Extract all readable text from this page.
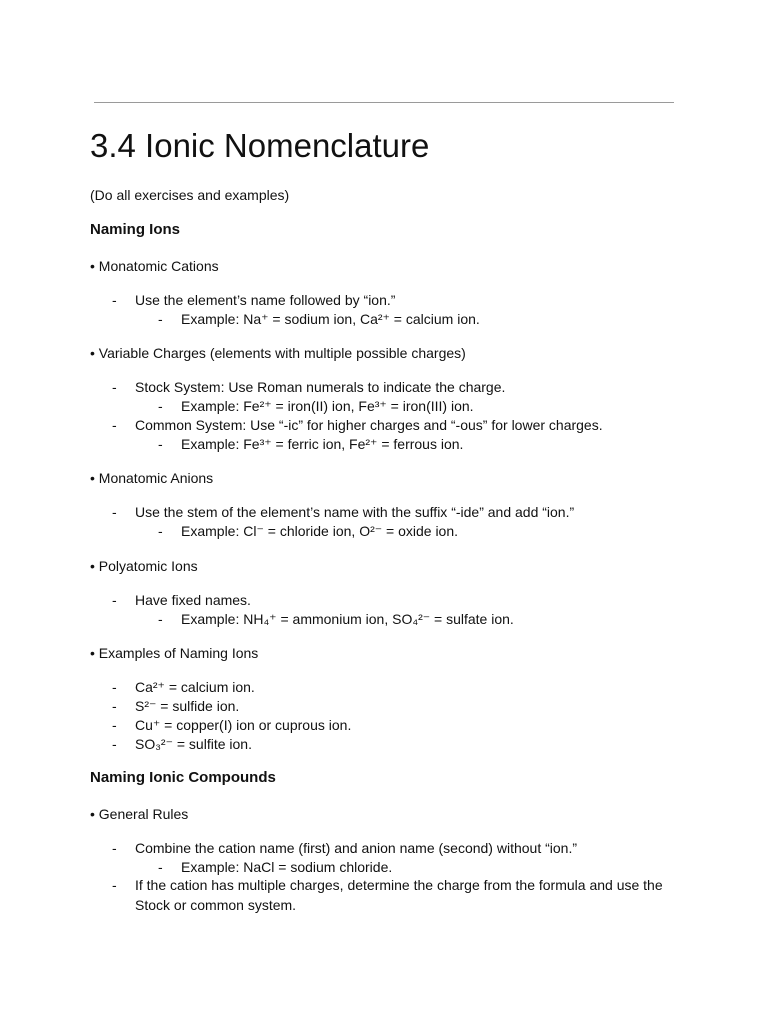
3.4 Ionic Nomenclature
(Do all exercises and examples)
Naming Ions
• Monatomic Cations
- Use the element’s name followed by “ion.”
- Example: Na⁺ = sodium ion, Ca²⁺ = calcium ion.
• Variable Charges (elements with multiple possible charges)
- Stock System: Use Roman numerals to indicate the charge.
- Example: Fe²⁺ = iron(II) ion, Fe³⁺ = iron(III) ion.
- Common System: Use “-ic” for higher charges and “-ous” for lower charges.
- Example: Fe³⁺ = ferric ion, Fe²⁺ = ferrous ion.
• Monatomic Anions
- Use the stem of the element’s name with the suffix “-ide” and add “ion.”
- Example: Cl⁻ = chloride ion, O²⁻ = oxide ion.
• Polyatomic Ions
- Have fixed names.
- Example: NH₄⁺ = ammonium ion, SO₄²⁻ = sulfate ion.
• Examples of Naming Ions
- Ca²⁺ = calcium ion.
- S²⁻ = sulfide ion.
- Cu⁺ = copper(I) ion or cuprous ion.
- SO₃²⁻ = sulfite ion.
Naming Ionic Compounds
• General Rules
- Combine the cation name (first) and anion name (second) without “ion.”
- Example: NaCl = sodium chloride.
- If the cation has multiple charges, determine the charge from the formula and use the Stock or common system.
